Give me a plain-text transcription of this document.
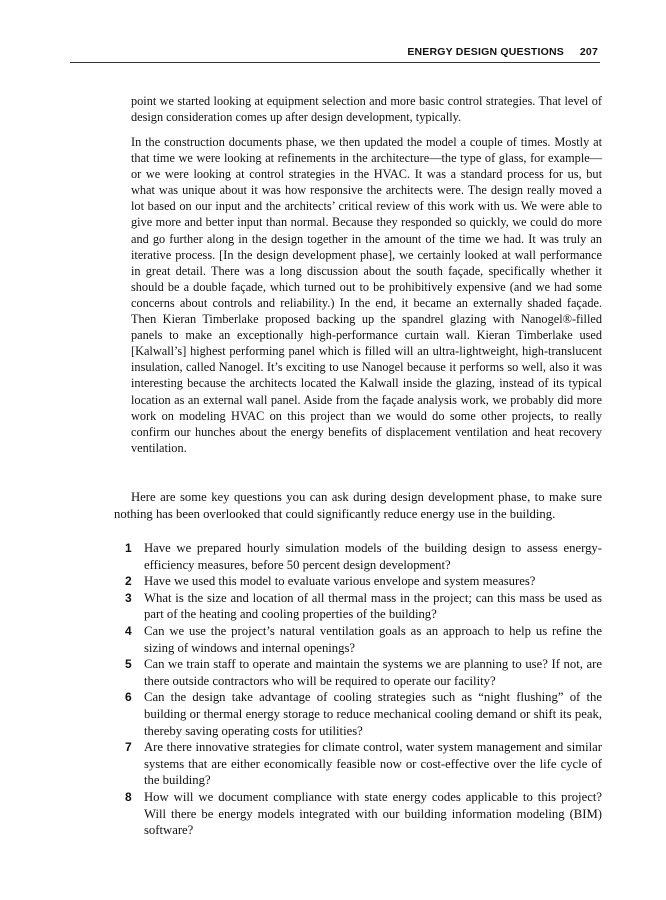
ENERGY DESIGN QUESTIONS 207

point we started looking at equipment selection and more basic control strategies. That level of design consideration comes up after design development, typically.

In the construction documents phase, we then updated the model a couple of times. Mostly at that time we were looking at refinements in the architecture—the type of glass, for example—or we were looking at control strategies in the HVAC. It was a standard process for us, but what was unique about it was how responsive the architects were. The design really moved a lot based on our input and the architects’ critical review of this work with us. We were able to give more and better input than normal. Because they responded so quickly, we could do more and go further along in the design together in the amount of the time we had. It was truly an iterative process. [In the design development phase], we certainly looked at wall performance in great detail. There was a long discussion about the south façade, specifically whether it should be a double façade, which turned out to be prohibitively expensive (and we had some concerns about controls and reliability.) In the end, it became an externally shaded façade. Then Kieran Timberlake proposed backing up the spandrel glazing with Nanogel®-filled panels to make an exceptionally high-performance curtain wall. Kieran Timberlake used [Kalwall’s] highest performing panel which is filled will an ultra-lightweight, high-translucent insulation, called Nanogel. It’s exciting to use Nanogel because it performs so well, also it was interesting because the architects located the Kalwall inside the glazing, instead of its typical location as an external wall panel. Aside from the façade analysis work, we probably did more work on modeling HVAC on this project than we would do some other projects, to really confirm our hunches about the energy benefits of displacement ventilation and heat recovery ventilation.

Here are some key questions you can ask during design development phase, to make sure nothing has been overlooked that could significantly reduce energy use in the building.

1 Have we prepared hourly simulation models of the building design to assess energy-efficiency measures, before 50 percent design development?
2 Have we used this model to evaluate various envelope and system measures?
3 What is the size and location of all thermal mass in the project; can this mass be used as part of the heating and cooling properties of the building?
4 Can we use the project’s natural ventilation goals as an approach to help us refine the sizing of windows and internal openings?
5 Can we train staff to operate and maintain the systems we are planning to use? If not, are there outside contractors who will be required to operate our facility?
6 Can the design take advantage of cooling strategies such as “night flushing” of the building or thermal energy storage to reduce mechanical cooling demand or shift its peak, thereby saving operating costs for utilities?
7 Are there innovative strategies for climate control, water system management and similar systems that are either economically feasible now or cost-effective over the life cycle of the building?
8 How will we document compliance with state energy codes applicable to this project? Will there be energy models integrated with our building information modeling (BIM) software?
